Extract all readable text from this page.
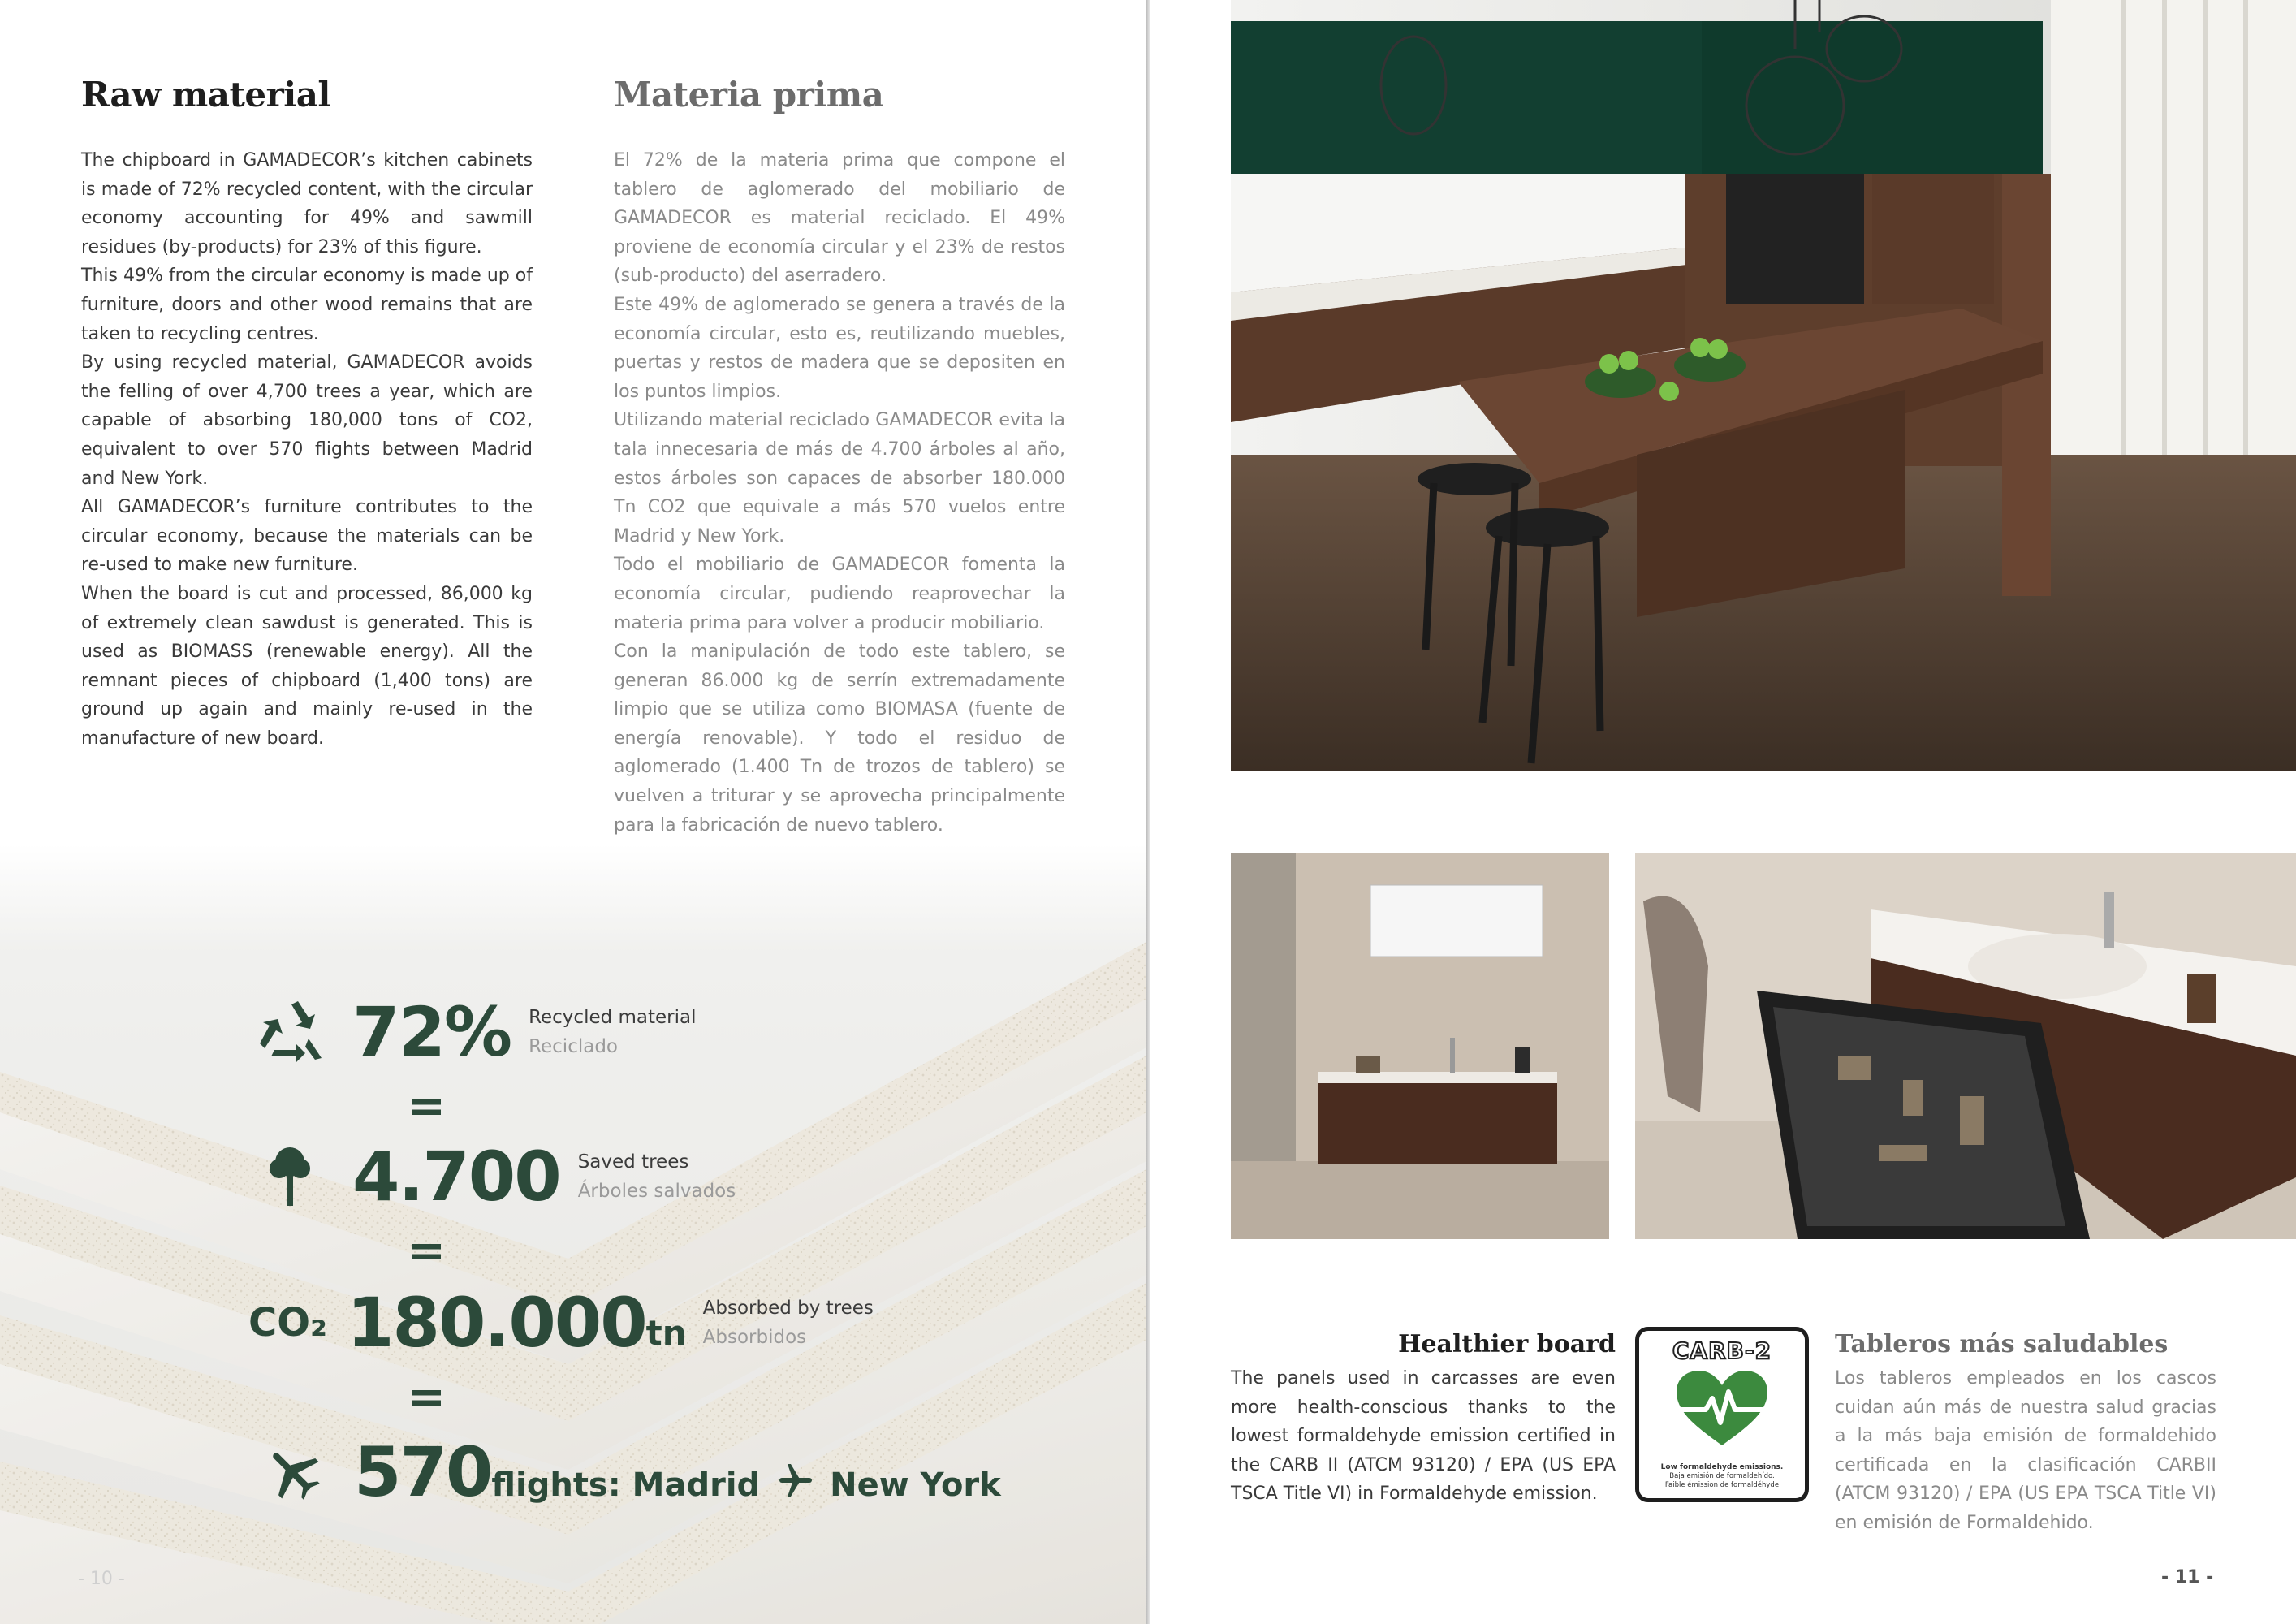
Raw material	Materia prima

The chipboard in GAMADECOR’s kitchen cabinets is made of 72% recycled content, with the circular economy accounting for 49% and sawmill residues (by-products) for 23% of this figure.

This 49% from the circular economy is made up of furniture, doors and other wood remains that are taken to recycling centres.

By using recycled material, GAMADECOR avoids the felling of over 4,700 trees a year, which are capable of absorbing 180,000 tons of CO2, equivalent to over 570 flights between Madrid and New York.

All GAMADECOR’s furniture contributes to the circular economy, because the materials can be re-used to make new furniture.

When the board is cut and processed, 86,000 kg of extremely clean sawdust is generated. This is used as BIOMASS (renewable energy). All the remnant pieces of chipboard (1,400 tons) are ground up again and mainly re-used in the manufacture of new board.

El 72% de la materia prima que compone el tablero de aglomerado del mobiliario de GAMADECOR es material reciclado. El 49% proviene de economía circular y el 23% de restos (sub-producto) del aserradero.

Este 49% de aglomerado se genera a través de la economía circular, esto es, reutilizando muebles, puertas y restos de madera que se depositen en los puntos limpios.

Utilizando material reciclado GAMADECOR evita la tala innecesaria de más de 4.700 árboles al año, estos árboles son capaces de absorber 180.000 Tn CO2 que equivale a más 570 vuelos entre Madrid y New York.

Todo el mobiliario de GAMADECOR fomenta la economía circular, pudiendo reaprovechar la materia prima para volver a producir mobiliario.

Con la manipulación de todo este tablero, se generan 86.000 kg de serrín extremadamente limpio que se utiliza como BIOMASA (fuente de energía renovable). Y todo el residuo de aglomerado (1.400 Tn de trozos de tablero) se vuelven a triturar y se aprovecha principalmente para la fabricación de nuevo tablero.

72% Recycled material
Reciclado
=
4.700 Saved trees
Árboles salvados
=
CO₂ 180.000 tn
Absorbed by trees
Absorbidos
=
570 flights: Madrid New York
- 10 -
Healthier board
The panels used in carcasses are even more health-conscious thanks to the lowest formaldehyde emission certified in the CARB II (ATCM 93120) / EPA (US EPA TSCA Title VI) in Formaldehyde emission.
CARB-2
Low formaldehyde emissions.
Baja emisión de formaldehído.
Faible émission de formaldéhyde
Tableros más saludables
Los tableros empleados en los cascos cuidan aún más de nuestra salud gracias a la más baja emisión de formaldehido certificada en la clasificación CARBII (ATCM 93120) / EPA (US EPA TSCA Title VI) en emisión de Formaldehido.
- 11 -
